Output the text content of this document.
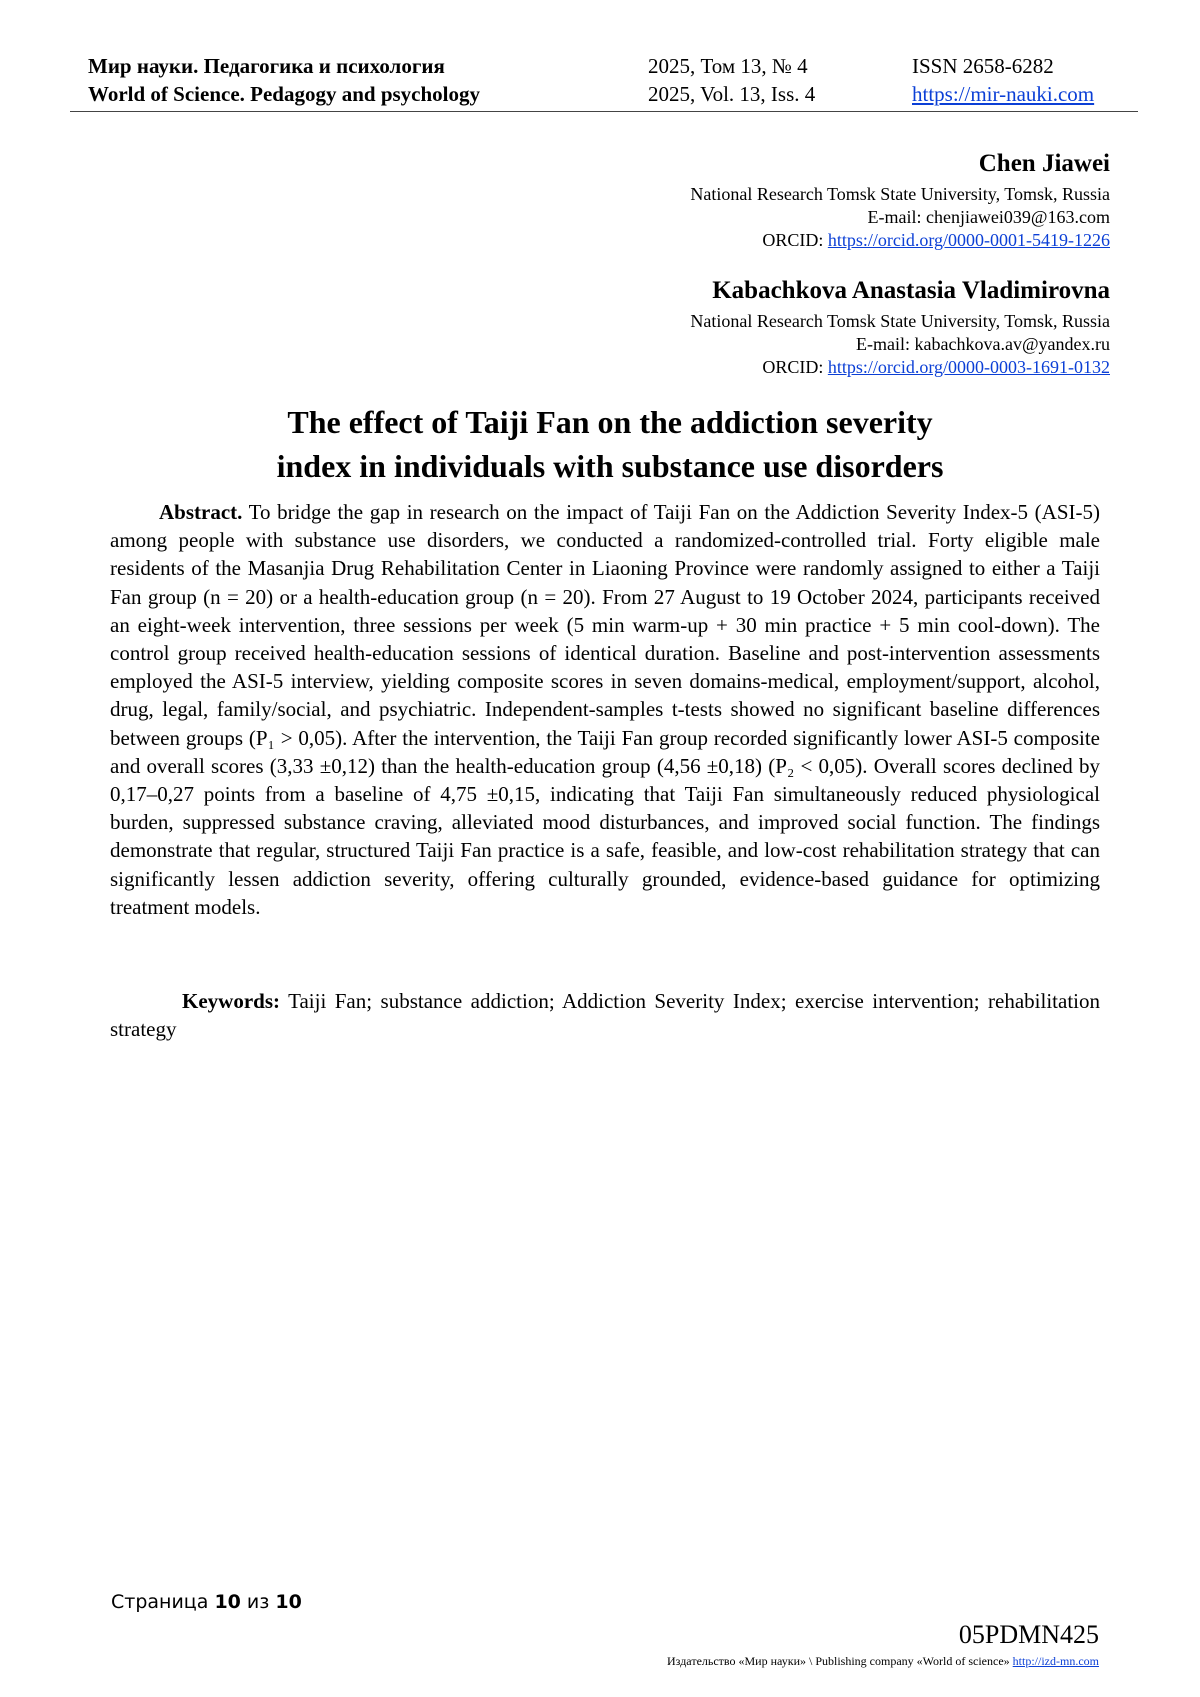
Мир науки. Педагогика и психология	2025, Том 13, № 4	ISSN 2658-6282
World of Science. Pedagogy and psychology	2025, Vol. 13, Iss. 4	https://mir-nauki.com
Chen Jiawei
National Research Tomsk State University, Tomsk, Russia
E-mail: chenjiawei039@163.com
ORCID: https://orcid.org/0000-0001-5419-1226
Kabachkova Anastasia Vladimirovna
National Research Tomsk State University, Tomsk, Russia
E-mail: kabachkova.av@yandex.ru
ORCID: https://orcid.org/0000-0003-1691-0132
The effect of Taiji Fan on the addiction severity
index in individuals with substance use disorders
Abstract. To bridge the gap in research on the impact of Taiji Fan on the Addiction Severity Index-5 (ASI-5) among people with substance use disorders, we conducted a randomized-controlled trial. Forty eligible male residents of the Masanjia Drug Rehabilitation Center in Liaoning Province were randomly assigned to either a Taiji Fan group (n = 20) or a health-education group (n = 20). From 27 August to 19 October 2024, participants received an eight-week intervention, three sessions per week (5 min warm-up + 30 min practice + 5 min cool-down). The control group received health-education sessions of identical duration. Baseline and post-intervention assessments employed the ASI-5 interview, yielding composite scores in seven domains-medical, employment/support, alcohol, drug, legal, family/social, and psychiatric. Independent-samples t-tests showed no significant baseline differences between groups (P₁ > 0,05). After the intervention, the Taiji Fan group recorded significantly lower ASI-5 composite and overall scores (3,33 ±0,12) than the health-education group (4,56 ±0,18) (P₂ < 0,05). Overall scores declined by 0,17–0,27 points from a baseline of 4,75 ±0,15, indicating that Taiji Fan simultaneously reduced physiological burden, suppressed substance craving, alleviated mood disturbances, and improved social function. The findings demonstrate that regular, structured Taiji Fan practice is a safe, feasible, and low-cost rehabilitation strategy that can significantly lessen addiction severity, offering culturally grounded, evidence-based guidance for optimizing treatment models.
Keywords: Taiji Fan; substance addiction; Addiction Severity Index; exercise intervention; rehabilitation strategy
Страница 10 из 10
05PDMN425
Издательство «Мир науки» \ Publishing company «World of science» http://izd-mn.com
